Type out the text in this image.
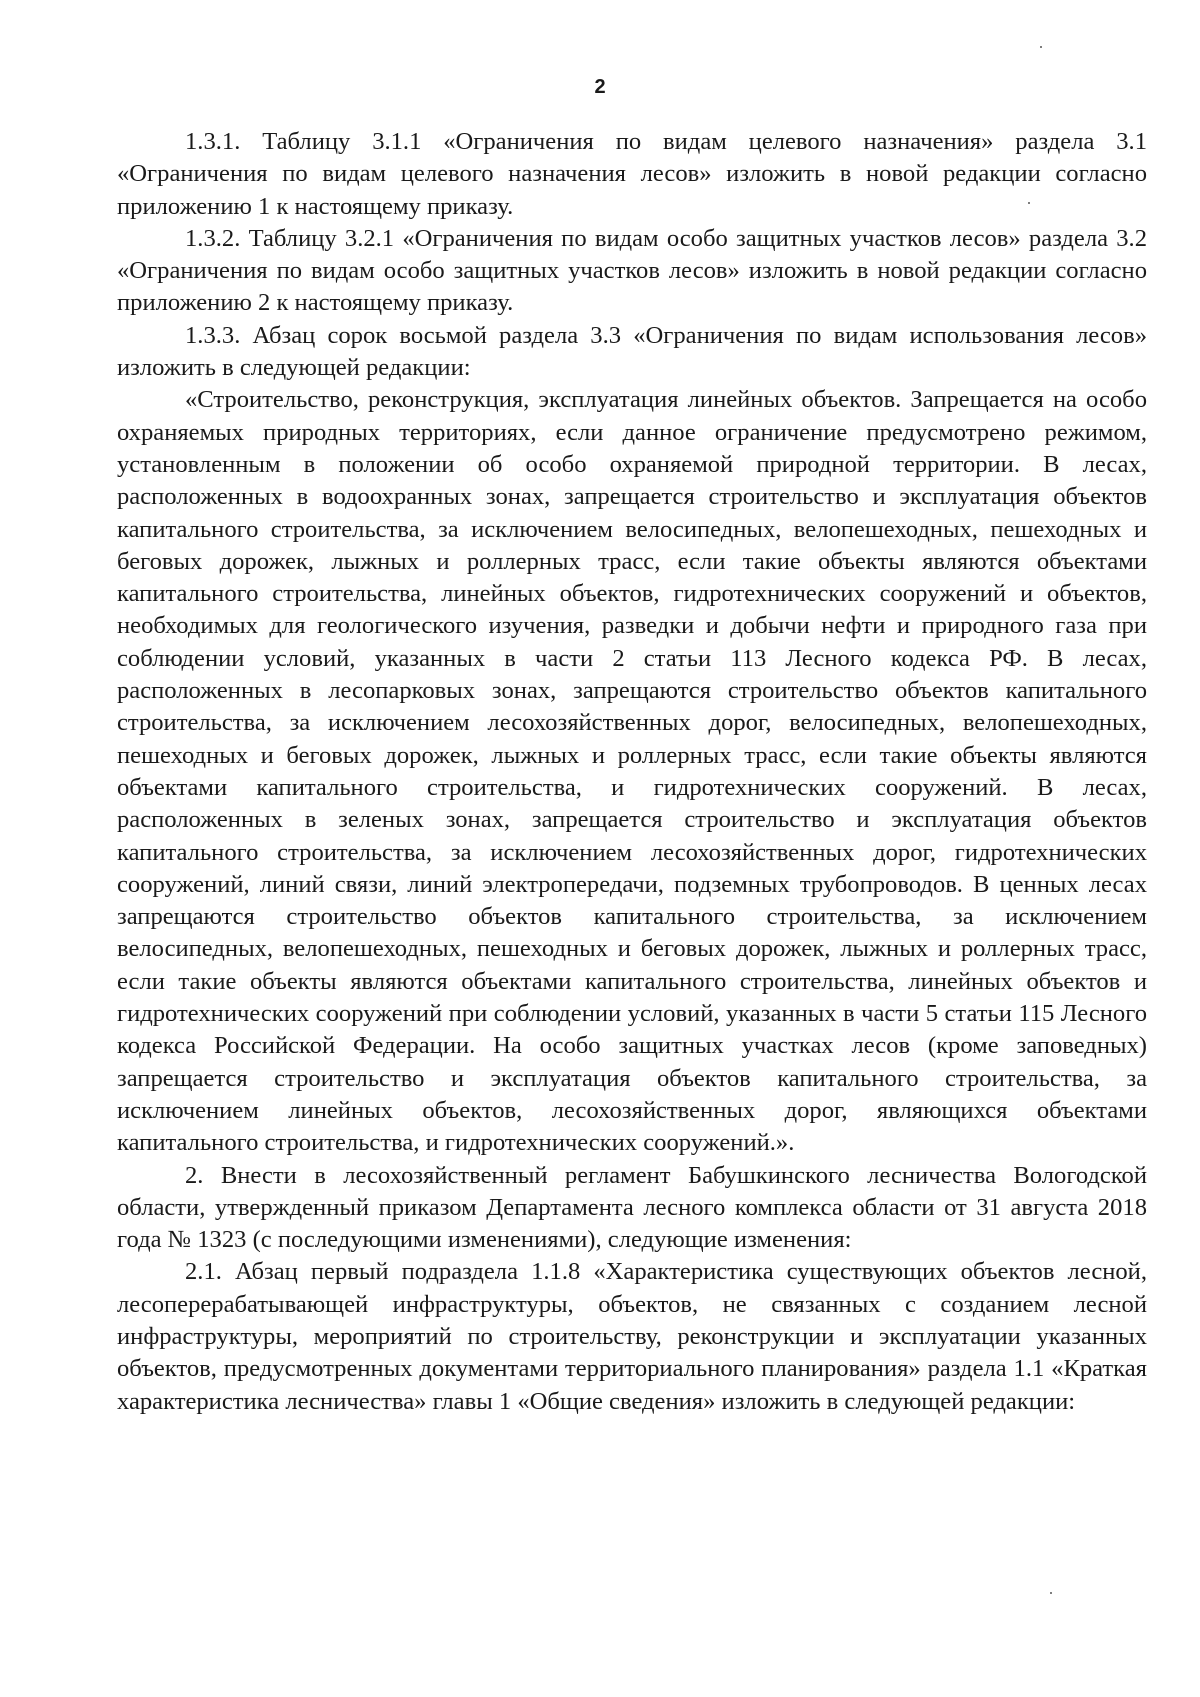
2

1.3.1. Таблицу 3.1.1 «Ограничения по видам целевого назначения» раздела 3.1 «Ограничения по видам целевого назначения лесов» изложить в новой редакции согласно приложению 1 к настоящему приказу.

1.3.2. Таблицу 3.2.1 «Ограничения по видам особо защитных участков лесов» раздела 3.2 «Ограничения по видам особо защитных участков лесов» изложить в новой редакции согласно приложению 2 к настоящему приказу.

1.3.3. Абзац сорок восьмой раздела 3.3 «Ограничения по видам использования лесов» изложить в следующей редакции:

«Строительство, реконструкция, эксплуатация линейных объектов. Запрещается на особо охраняемых природных территориях, если данное ограничение предусмотрено режимом, установленным в положении об особо охраняемой природной территории. В лесах, расположенных в водоохранных зонах, запрещается строительство и эксплуатация объектов капитального строительства, за исключением велосипедных, велопешеходных, пешеходных и беговых дорожек, лыжных и роллерных трасс, если такие объекты являются объектами капитального строительства, линейных объектов, гидротехнических сооружений и объектов, необходимых для геологического изучения, разведки и добычи нефти и природного газа при соблюдении условий, указанных в части 2 статьи 113 Лесного кодекса РФ. В лесах, расположенных в лесопарковых зонах, запрещаются строительство объектов капитального строительства, за исключением лесохозяйственных дорог, велосипедных, велопешеходных, пешеходных и беговых дорожек, лыжных и роллерных трасс, если такие объекты являются объектами капитального строительства, и гидротехнических сооружений. В лесах, расположенных в зеленых зонах, запрещается строительство и эксплуатация объектов капитального строительства, за исключением лесохозяйственных дорог, гидротехнических сооружений, линий связи, линий электропередачи, подземных трубопроводов. В ценных лесах запрещаются строительство объектов капитального строительства, за исключением велосипедных, велопешеходных, пешеходных и беговых дорожек, лыжных и роллерных трасс, если такие объекты являются объектами капитального строительства, линейных объектов и гидротехнических сооружений при соблюдении условий, указанных в части 5 статьи 115 Лесного кодекса Российской Федерации. На особо защитных участках лесов (кроме заповедных) запрещается строительство и эксплуатация объектов капитального строительства, за исключением линейных объектов, лесохозяйственных дорог, являющихся объектами капитального строительства, и гидротехнических сооружений.».

2. Внести в лесохозяйственный регламент Бабушкинского лесничества Вологодской области, утвержденный приказом Департамента лесного комплекса области от 31 августа 2018 года № 1323 (с последующими изменениями), следующие изменения:

2.1. Абзац первый подраздела 1.1.8 «Характеристика существующих объектов лесной, лесоперерабатывающей инфраструктуры, объектов, не связанных с созданием лесной инфраструктуры, мероприятий по строительству, реконструкции и эксплуатации указанных объектов, предусмотренных документами территориального планирования» раздела 1.1 «Краткая характеристика лесничества» главы 1 «Общие сведения» изложить в следующей редакции:
